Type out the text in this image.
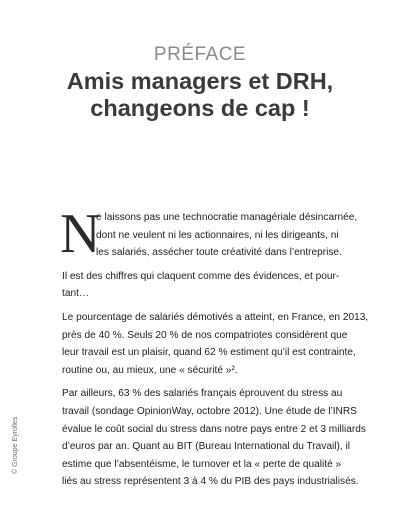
PRÉFACE
Amis managers et DRH,
changeons de cap !
N
e laissons pas une technocratie managériale désincarnée,
dont ne veulent ni les actionnaires, ni les dirigeants, ni
les salariés, assécher toute créativité dans l’entreprise.
Il est des chiffres qui claquent comme des évidences, et pour-
tant…
Le pourcentage de salariés démotivés a atteint, en France, en 2013,
près de 40 %. Seuls 20 % de nos compatriotes considèrent que
leur travail est un plaisir, quand 62 % estiment qu’il est contrainte,
routine ou, au mieux, une « sécurité »².
Par ailleurs, 63 % des salariés français éprouvent du stress au
travail (sondage OpinionWay, octobre 2012). Une étude de l’INRS
évalue le coût social du stress dans notre pays entre 2 et 3 milliards
d’euros par an. Quant au BIT (Bureau International du Travail), il
estime que l’absentéisme, le turnover et la « perte de qualité »
liés au stress représentent 3 à 4 % du PIB des pays industrialisés.
© Groupe Eyrolles
